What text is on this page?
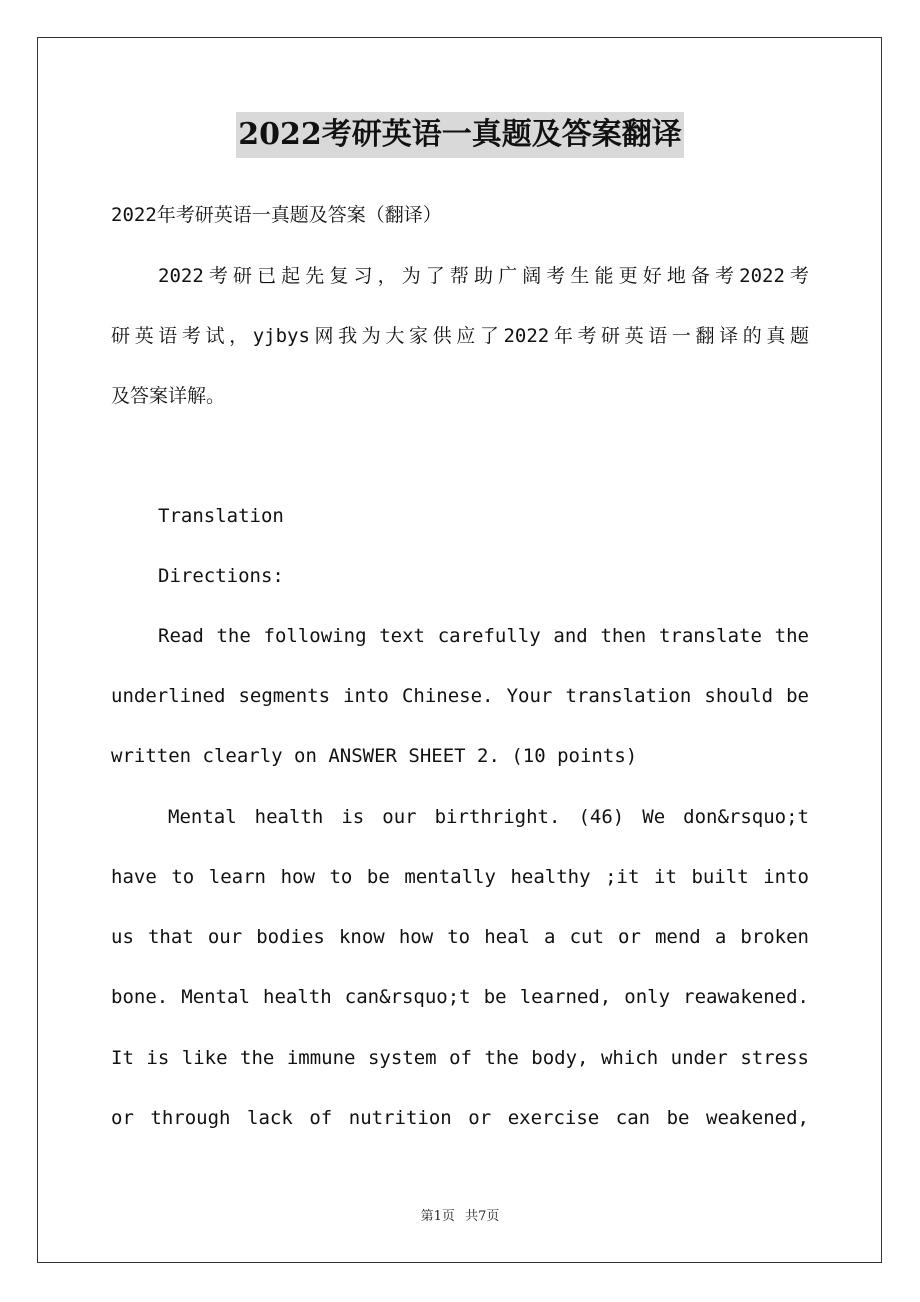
2022考研英语一真题及答案翻译
2022年考研英语一真题及答案（翻译）
2022考研已起先复习，为了帮助广阔考生能更好地备考2022考
研英语考试，yjbys网我为大家供应了2022年考研英语一翻译的真题
及答案详解。
Translation
Directions:
Read the following text carefully and then translate the
underlined segments into Chinese. Your translation should be
written clearly on ANSWER SHEET 2. (10 points)
Mental health is our birthright. (46) We don&rsquo;t
have to learn how to be mentally healthy ;it it built into
us that our bodies know how to heal a cut or mend a broken
bone. Mental health can&rsquo;t be learned, only reawakened.
It is like the immune system of the body, which under stress
or through lack of nutrition or exercise can be weakened,
第1页 共7页
